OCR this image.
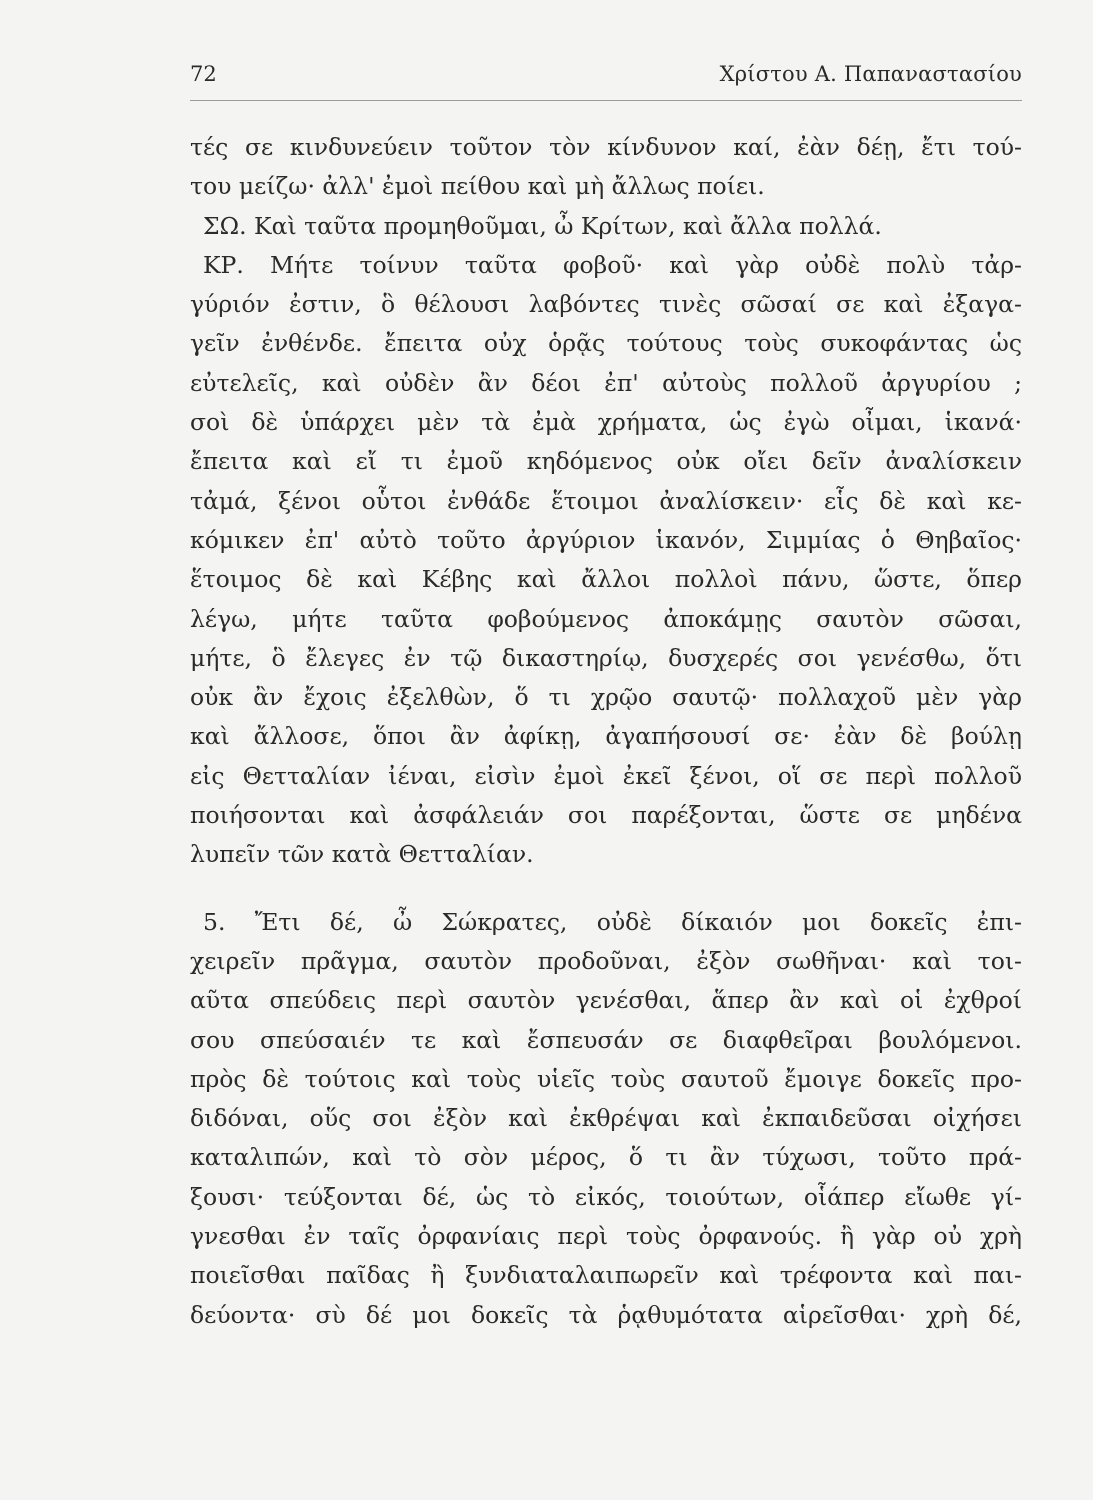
72	Χρίστου Α. Παπαναστασίου
τές σε κινδυνεύειν τοῦτον τὸν κίνδυνον καί, ἐὰν δέῃ, ἔτι τού-
του μείζω· ἀλλ' ἐμοὶ πείθου καὶ μὴ ἄλλως ποίει.
ΣΩ. Καὶ ταῦτα προμηθοῦμαι, ὦ Κρίτων, καὶ ἄλλα πολλά.
ΚΡ. Μήτε τοίνυν ταῦτα φοβοῦ· καὶ γὰρ οὐδὲ πολὺ τἀρ-
γύριόν ἐστιν, ὃ θέλουσι λαβόντες τινὲς σῶσαί σε καὶ ἐξαγα-
γεῖν ἐνθένδε. ἔπειτα οὐχ ὁρᾷς τούτους τοὺς συκοφάντας ὡς
εὐτελεῖς, καὶ οὐδὲν ἂν δέοι ἐπ' αὐτοὺς πολλοῦ ἀργυρίου ;
σοὶ δὲ ὑπάρχει μὲν τὰ ἐμὰ χρήματα, ὡς ἐγὼ οἶμαι, ἱκανά·
ἔπειτα καὶ εἴ τι ἐμοῦ κηδόμενος οὐκ οἴει δεῖν ἀναλίσκειν
τἀμά, ξένοι οὗτοι ἐνθάδε ἕτοιμοι ἀναλίσκειν· εἷς δὲ καὶ κε-
κόμικεν ἐπ' αὐτὸ τοῦτο ἀργύριον ἱκανόν, Σιμμίας ὁ Θηβαῖος·
ἕτοιμος δὲ καὶ Κέβης καὶ ἄλλοι πολλοὶ πάνυ, ὥστε, ὅπερ
λέγω, μήτε ταῦτα φοβούμενος ἀποκάμῃς σαυτὸν σῶσαι,
μήτε, ὃ ἔλεγες ἐν τῷ δικαστηρίῳ, δυσχερές σοι γενέσθω, ὅτι
οὐκ ἂν ἔχοις ἐξελθὼν, ὅ τι χρῷο σαυτῷ· πολλαχοῦ μὲν γὰρ
καὶ ἄλλοσε, ὅποι ἂν ἀφίκῃ, ἀγαπήσουσί σε· ἐὰν δὲ βούλῃ
εἰς Θετταλίαν ἰέναι, εἰσὶν ἐμοὶ ἐκεῖ ξένοι, οἵ σε περὶ πολλοῦ
ποιήσονται καὶ ἀσφάλειάν σοι παρέξονται, ὥστε σε μηδένα
λυπεῖν τῶν κατὰ Θετταλίαν.
5. Ἔτι δέ, ὦ Σώκρατες, οὐδὲ δίκαιόν μοι δοκεῖς ἐπι-
χειρεῖν πρᾶγμα, σαυτὸν προδοῦναι, ἐξὸν σωθῆναι· καὶ τοι-
αῦτα σπεύδεις περὶ σαυτὸν γενέσθαι, ἅπερ ἂν καὶ οἱ ἐχθροί
σου σπεύσαιέν τε καὶ ἔσπευσάν σε διαφθεῖραι βουλόμενοι.
πρὸς δὲ τούτοις καὶ τοὺς υἱεῖς τοὺς σαυτοῦ ἔμοιγε δοκεῖς προ-
διδόναι, οὕς σοι ἐξὸν καὶ ἐκθρέψαι καὶ ἐκπαιδεῦσαι οἰχήσει
καταλιπών, καὶ τὸ σὸν μέρος, ὅ τι ἂν τύχωσι, τοῦτο πρά-
ξουσι· τεύξονται δέ, ὡς τὸ εἰκός, τοιούτων, οἷάπερ εἴωθε γί-
γνεσθαι ἐν ταῖς ὀρφανίαις περὶ τοὺς ὀρφανούς. ἢ γὰρ οὐ χρὴ
ποιεῖσθαι παῖδας ἢ ξυνδιαταλαιπωρεῖν καὶ τρέφοντα καὶ παι-
δεύοντα· σὺ δέ μοι δοκεῖς τὰ ῥᾳθυμότατα αἱρεῖσθαι· χρὴ δέ,
